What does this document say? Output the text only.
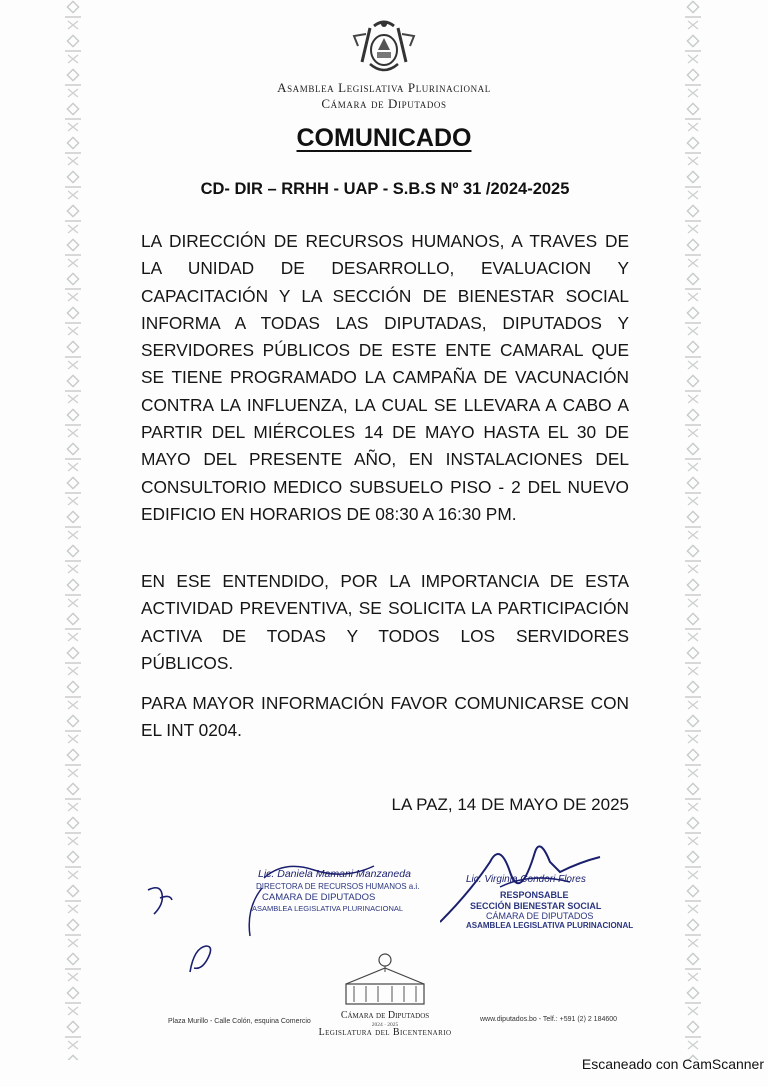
Asamblea Legislativa Plurinacional
Cámara de Diputados
COMUNICADO
CD- DIR – RRHH - UAP - S.B.S Nº 31 /2024-2025

LA DIRECCIÓN DE RECURSOS HUMANOS, A TRAVES DE LA UNIDAD DE DESARROLLO, EVALUACION Y CAPACITACIÓN Y LA SECCIÓN DE BIENESTAR SOCIAL INFORMA A TODAS LAS DIPUTADAS, DIPUTADOS Y SERVIDORES PÚBLICOS DE ESTE ENTE CAMARAL QUE SE TIENE PROGRAMADO LA CAMPAÑA DE VACUNACIÓN CONTRA LA INFLUENZA, LA CUAL SE LLEVARA A CABO A PARTIR DEL MIÉRCOLES 14 DE MAYO HASTA EL 30 DE MAYO DEL PRESENTE AÑO, EN INSTALACIONES DEL CONSULTORIO MEDICO SUBSUELO PISO - 2 DEL NUEVO EDIFICIO EN HORARIOS DE 08:30 A 16:30 PM.

EN ESE ENTENDIDO, POR LA IMPORTANCIA DE ESTA ACTIVIDAD PREVENTIVA, SE SOLICITA LA PARTICIPACIÓN ACTIVA DE TODAS Y TODOS LOS SERVIDORES PÚBLICOS.

PARA MAYOR INFORMACIÓN FAVOR COMUNICARSE CON EL INT 0204.

LA PAZ, 14 DE MAYO DE 2025
Lic. Daniela Mamani Manzaneda
DIRECTORA DE RECURSOS HUMANOS a.i.
CAMARA DE DIPUTADOS
ASAMBLEA LEGISLATIVA PLURINACIONAL
Lic. Virginia Condori Flores
RESPONSABLE
SECCIÓN BIENESTAR SOCIAL
CÁMARA DE DIPUTADOS
ASAMBLEA LEGISLATIVA PLURINACIONAL
Plaza Murillo - Calle Colón, esquina Comercio	www.diputados.bo - Telf.: +591 (2) 2 184600
Cámara de Diputados
2024 · 2025
Legislatura del Bicentenario
Escaneado con CamScanner
